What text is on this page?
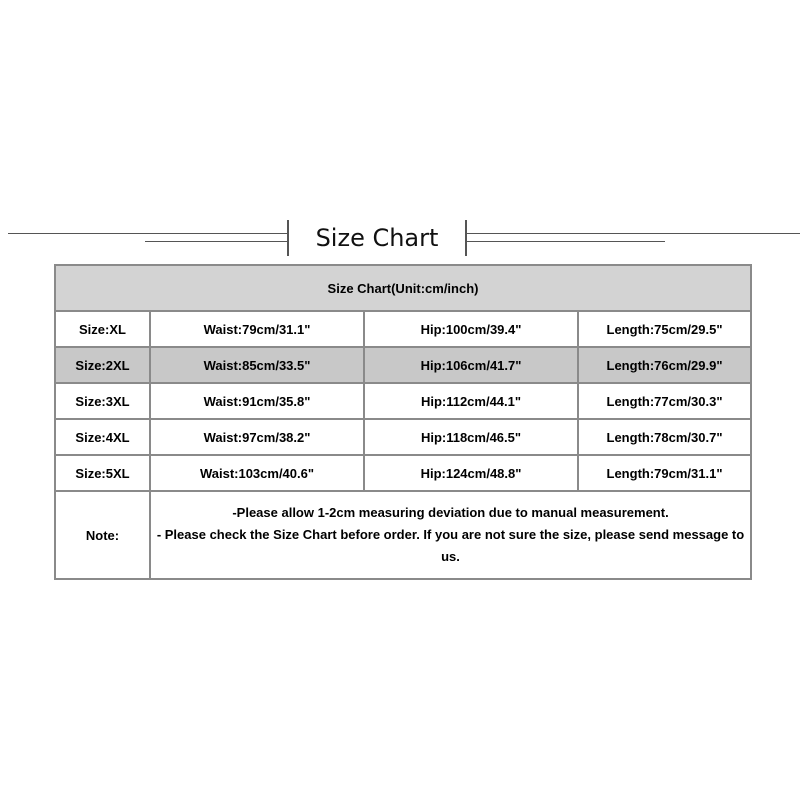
Size Chart
Size Chart(Unit:cm/inch)			
Size:XL	Waist:79cm/31.1"	Hip:100cm/39.4"	Length:75cm/29.5"
Size:2XL	Waist:85cm/33.5"	Hip:106cm/41.7"	Length:76cm/29.9"
Size:3XL	Waist:91cm/35.8"	Hip:112cm/44.1"	Length:77cm/30.3"
Size:4XL	Waist:97cm/38.2"	Hip:118cm/46.5"	Length:78cm/30.7"
Size:5XL	Waist:103cm/40.6"	Hip:124cm/48.8"	Length:79cm/31.1"
Note:	-Please allow 1-2cm measuring deviation due to manual measurement.
- Please check the Size Chart before order. If you are not sure the size, please send message to us.		
